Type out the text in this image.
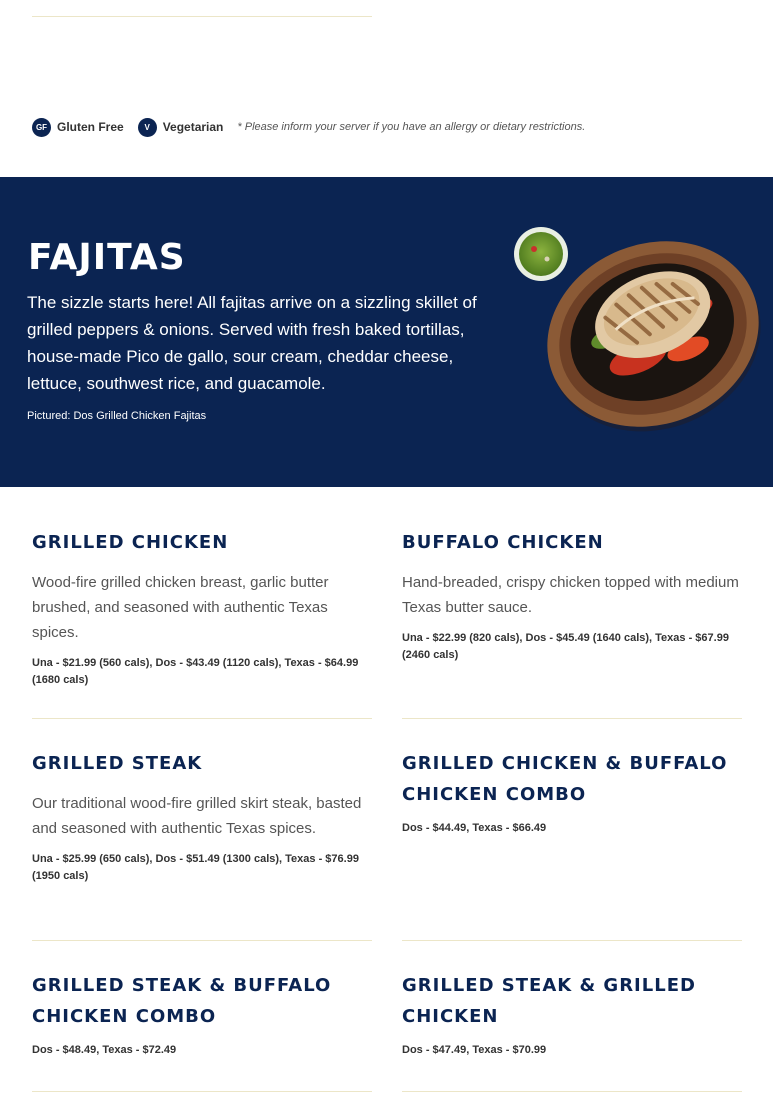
GF Gluten Free	V	Vegetarian * Please inform your server if you have an allergy or dietary restrictions.
FAJITAS

The sizzle starts here! All fajitas arrive on a sizzling skillet of grilled peppers & onions. Served with fresh baked tortillas, house-made Pico de gallo, sour cream, cheddar cheese, lettuce, southwest rice, and guacamole.

Pictured: Dos Grilled Chicken Fajitas

GRILLED CHICKEN

Wood-fire grilled chicken breast, garlic butter brushed, and seasoned with authentic Texas spices.

Una - $21.99 (560 cals), Dos - $43.49 (1120 cals), Texas - $64.99 (1680 cals)

BUFFALO CHICKEN

Hand-breaded, crispy chicken topped with medium Texas butter sauce.

Una - $22.99 (820 cals), Dos - $45.49 (1640 cals), Texas - $67.99 (2460 cals)

GRILLED STEAK

Our traditional wood-fire grilled skirt steak, basted and seasoned with authentic Texas spices.

Una - $25.99 (650 cals), Dos - $51.49 (1300 cals), Texas - $76.99 (1950 cals)

GRILLED CHICKEN & BUFFALO CHICKEN COMBO

Dos - $44.49, Texas - $66.49

GRILLED STEAK & BUFFALO CHICKEN COMBO

Dos - $48.49, Texas - $72.49

GRILLED STEAK & GRILLED CHICKEN

Dos - $47.49, Texas - $70.99
